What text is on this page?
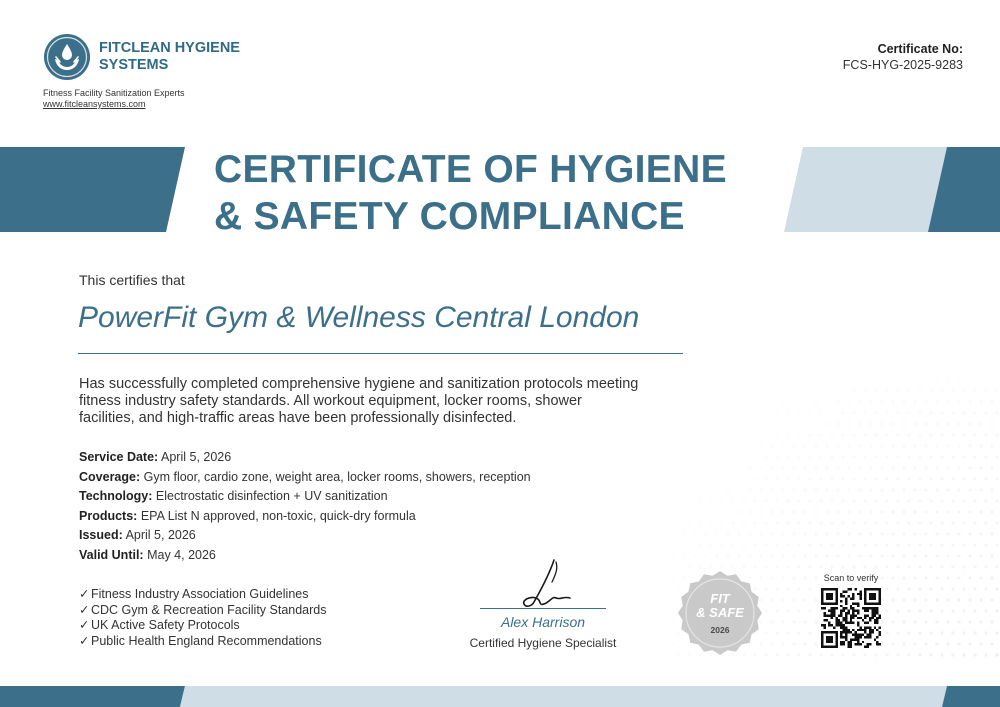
FITCLEAN HYGIENE
SYSTEMS
Fitness Facility Sanitization Experts www.fitcleansystems.com
Certificate No:
FCS-HYG-2025-9283
CERTIFICATE OF HYGIENE
& SAFETY COMPLIANCE
This certifies that
PowerFit Gym & Wellness Central London
Has successfully completed comprehensive hygiene and sanitization protocols meeting fitness industry safety standards. All workout equipment, locker rooms, shower facilities, and high-traffic areas have been professionally disinfected.
Service Date: April 5, 2026
Coverage: Gym floor, cardio zone, weight area, locker rooms, showers, reception
Technology: Electrostatic disinfection + UV sanitization
Products: EPA List N approved, non-toxic, quick-dry formula
Issued: April 5, 2026
Valid Until: May 4, 2026
✓ Fitness Industry Association Guidelines
✓ CDC Gym & Recreation Facility Standards
✓ UK Active Safety Protocols
✓ Public Health England Recommendations
Alex Harrison
Certified Hygiene Specialist
FIT
& SAFE
2026
Scan to verify
